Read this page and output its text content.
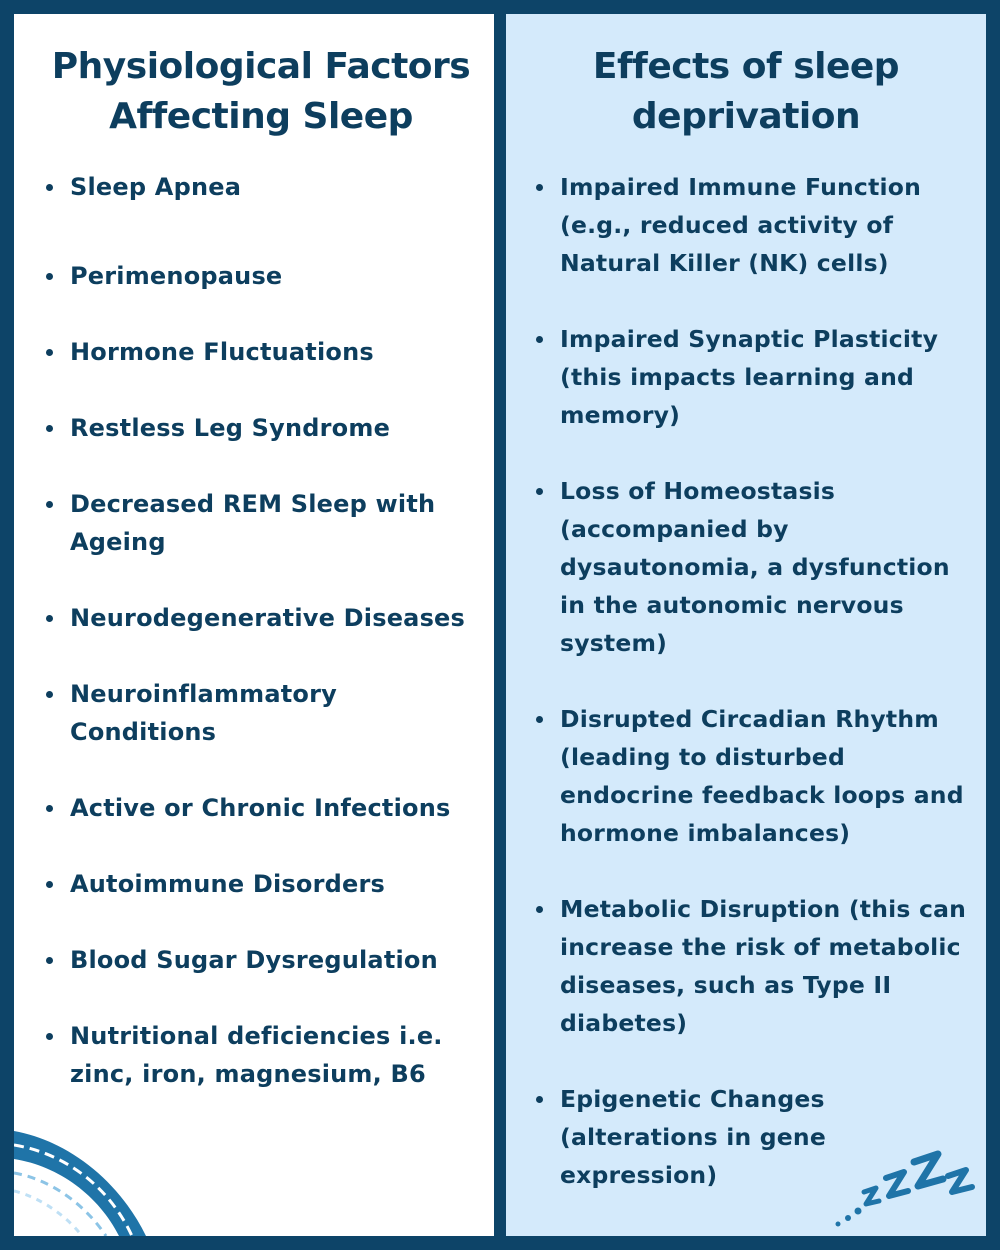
Physiological Factors
Affecting Sleep
Sleep Apnea
Perimenopause
Hormone Fluctuations
Restless Leg Syndrome
Decreased REM Sleep with Ageing
Neurodegenerative Diseases
Neuroinflammatory Conditions
Active or Chronic Infections
Autoimmune Disorders
Blood Sugar Dysregulation
Nutritional deficiencies i.e. zinc, iron, magnesium, B6
Effects of sleep
deprivation
Impaired Immune Function (e.g., reduced activity of Natural Killer (NK) cells)
Impaired Synaptic Plasticity (this impacts learning and memory)
Loss of Homeostasis (accompanied by dysautonomia, a dysfunction in the autonomic nervous system)
Disrupted Circadian Rhythm (leading to disturbed endocrine feedback loops and hormone imbalances)
Metabolic Disruption (this can increase the risk of metabolic diseases, such as Type II diabetes)
Epigenetic Changes (alterations in gene expression)
